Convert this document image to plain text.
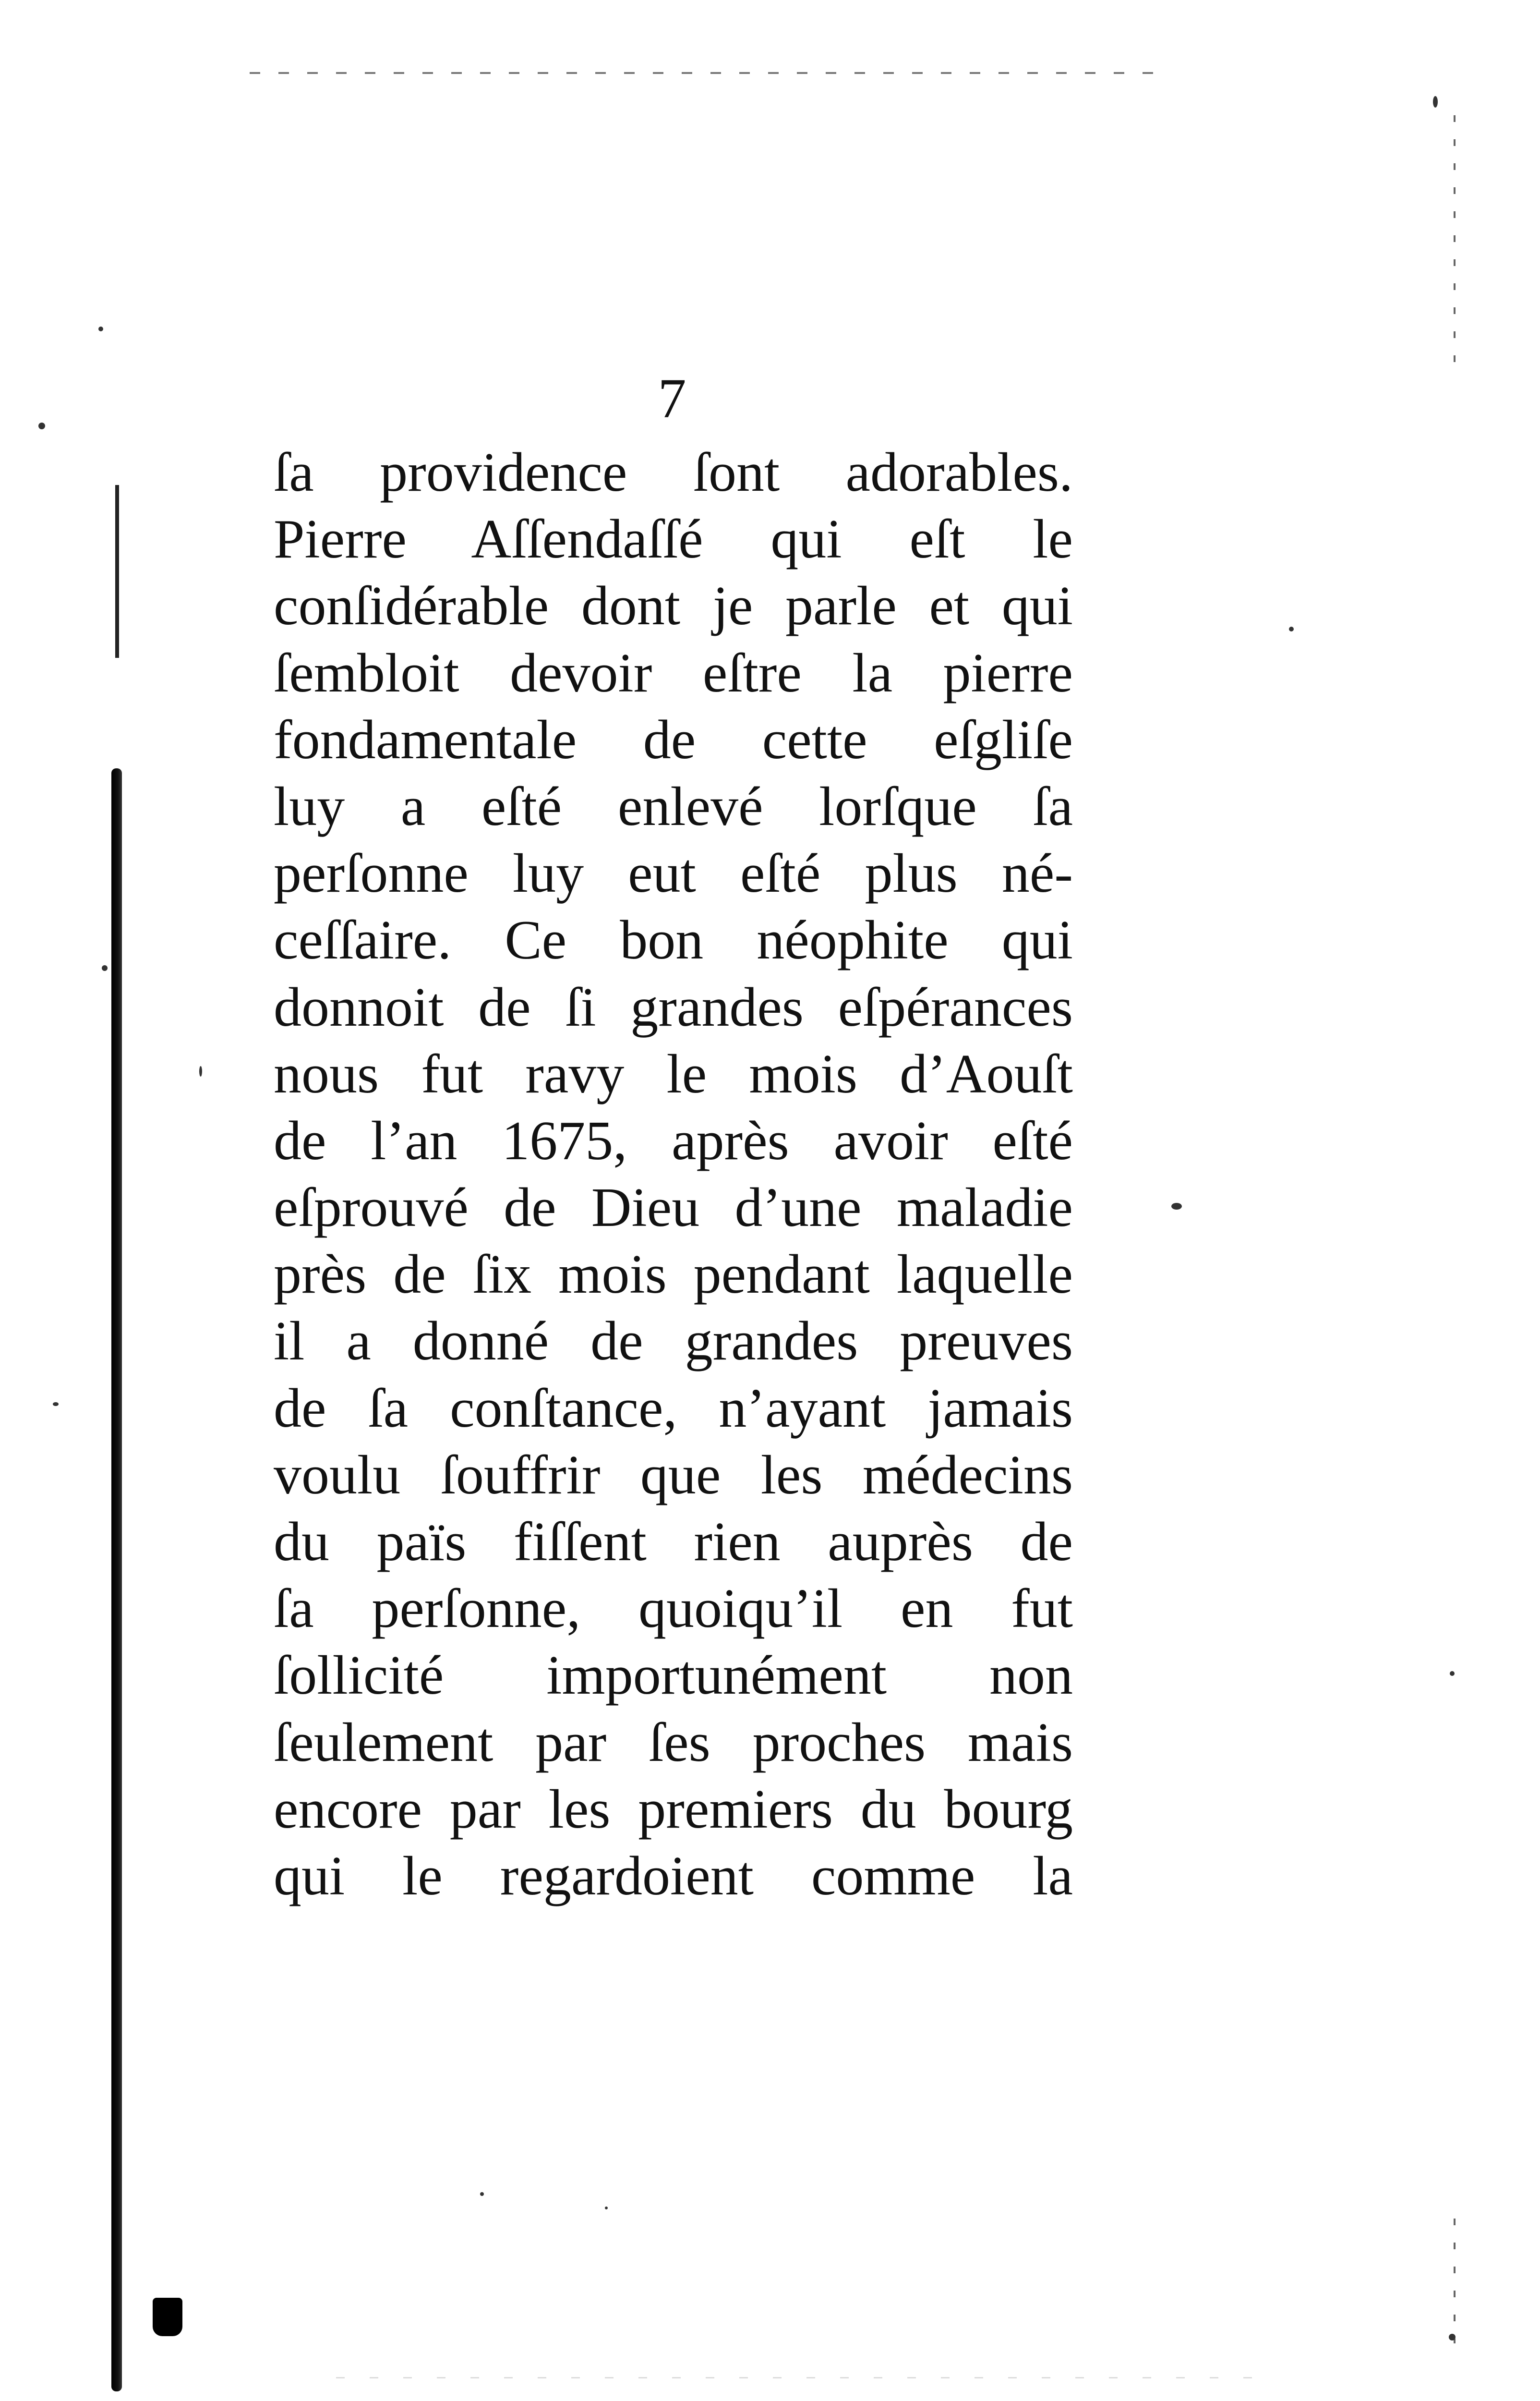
7
ſa providence ſont adorables.
Pierre Aſſendaſſé qui eſt le
conſidérable dont je parle et qui
ſembloit devoir eſtre la pierre
fondamentale de cette eſgliſe
luy a eſté enlevé lorſque ſa
perſonne luy eut eſté plus né-
ceſſaire. Ce bon néophite qui
donnoit de ſi grandes eſpérances
nous fut ravy le mois d’Aouſt
de l’an 1675, après avoir eſté
eſprouvé de Dieu d’une maladie
près de ſix mois pendant laquelle
il a donné de grandes preuves
de ſa conſtance, n’ayant jamais
voulu ſouffrir que les médecins
du païs fiſſent rien auprès de
ſa perſonne, quoiqu’il en fut
ſollicité importunément non
ſeulement par ſes proches mais
encore par les premiers du bourg
qui le regardoient comme la
